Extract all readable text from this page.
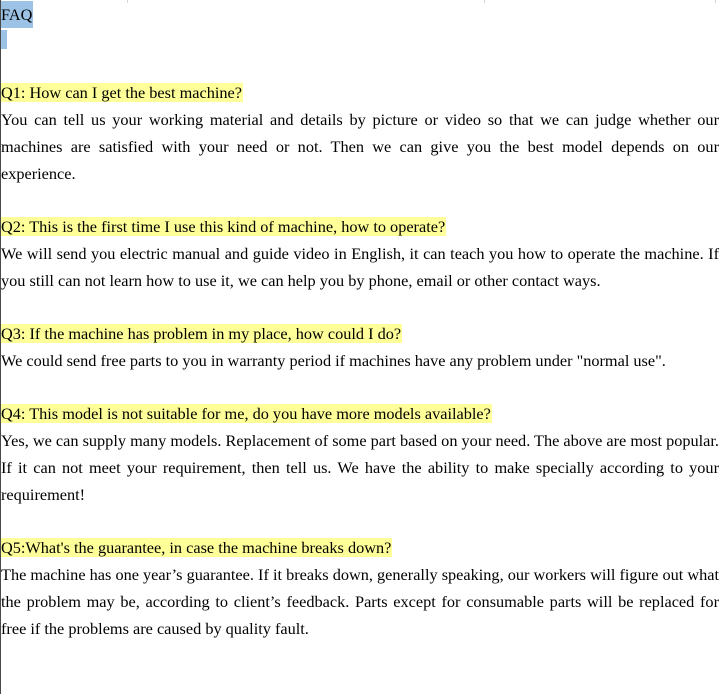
FAQ
Q1: How can I get the best machine?

You can tell us your working material and details by picture or video so that we can judge whether our machines are satisfied with your need or not. Then we can give you the best model depends on our experience.

Q2: This is the first time I use this kind of machine, how to operate?

We will send you electric manual and guide video in English, it can teach you how to operate the machine. If you still can not learn how to use it, we can help you by phone, email or other contact ways.

Q3: If the machine has problem in my place, how could I do?

We could send free parts to you in warranty period if machines have any problem under "normal use".

Q4: This model is not suitable for me, do you have more models available?

Yes, we can supply many models. Replacement of some part based on your need. The above are most popular. If it can not meet your requirement, then tell us. We have the ability to make specially according to your requirement!

Q5:What's the guarantee, in case the machine breaks down?

The machine has one year’s guarantee. If it breaks down, generally speaking, our workers will figure out what the problem may be, according to client’s feedback. Parts except for consumable parts will be replaced for free if the problems are caused by quality fault.
